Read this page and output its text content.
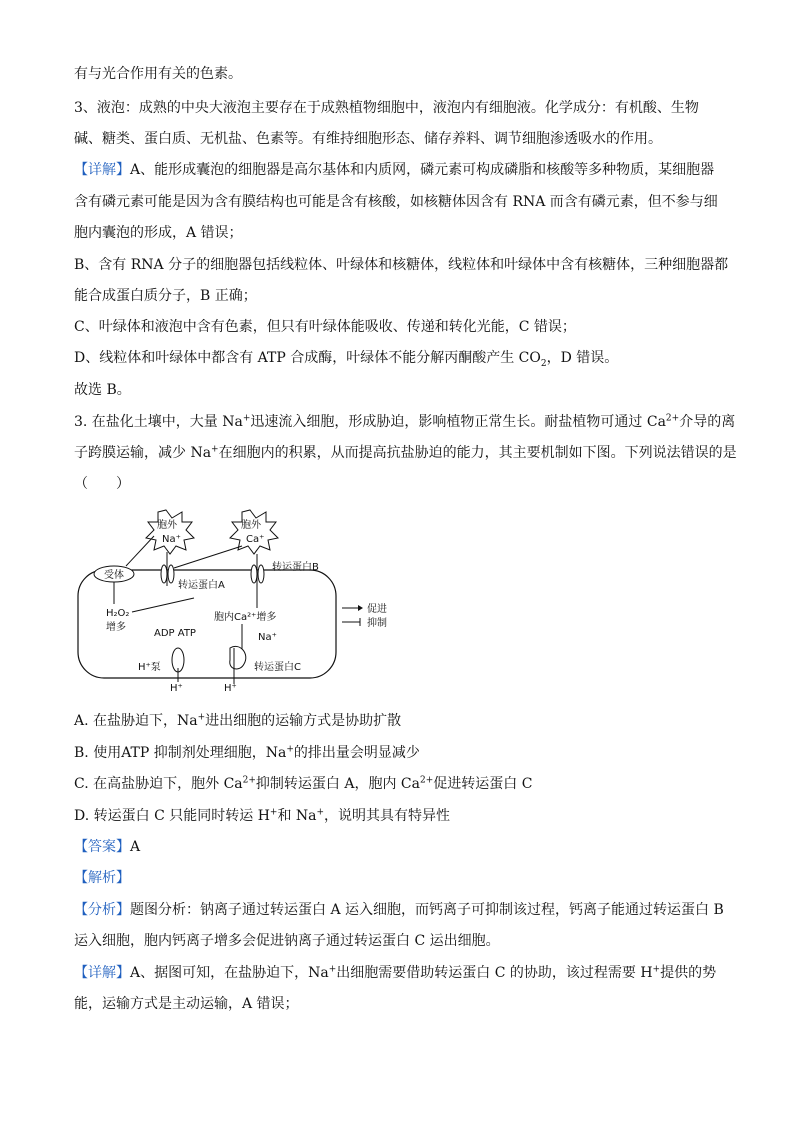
有与光合作用有关的色素。
3、液泡：成熟的中央大液泡主要存在于成熟植物细胞中，液泡内有细胞液。化学成分：有机酸、生物
碱、糖类、蛋白质、无机盐、色素等。有维持细胞形态、储存养料、调节细胞渗透吸水的作用。
【详解】A、能形成囊泡的细胞器是高尔基体和内质网，磷元素可构成磷脂和核酸等多种物质，某细胞器
含有磷元素可能是因为含有膜结构也可能是含有核酸，如核糖体因含有 RNA 而含有磷元素，但不参与细
胞内囊泡的形成，A 错误；
B、含有 RNA 分子的细胞器包括线粒体、叶绿体和核糖体，线粒体和叶绿体中含有核糖体，三种细胞器都
能合成蛋白质分子，B 正确；
C、叶绿体和液泡中含有色素，但只有叶绿体能吸收、传递和转化光能，C 错误；
D、线粒体和叶绿体中都含有 ATP 合成酶，叶绿体不能分解丙酮酸产生 $CO_2$，D 错误。
故选 B。
3. 在盐化土壤中，大量 Na+迅速流入细胞，形成胁迫，影响植物正常生长。耐盐植物可通过 $Ca^{2+}$介导的离
子跨膜运输，减少 Na+在细胞内的积累，从而提高抗盐胁迫的能力，其主要机制如下图。下列说法错误的是
（　　）
胞外
Na⁺
胞外
Ca⁺
受体
转运蛋白A
转运蛋白B
H₂O₂
增多
胞内Ca²⁺增多
Na⁺
ADP ATP
H⁺泵
H⁺	H⁺
转运蛋白C
促进
抑制
A. 在盐胁迫下，Na+进出细胞的运输方式是协助扩散
B. 使用ATP 抑制剂处理细胞，Na+的排出量会明显减少
C. 在高盐胁迫下，胞外 $Ca^{2+}$抑制转运蛋白 A，胞内 $Ca^{2+}$促进转运蛋白 C
D. 转运蛋白 C 只能同时转运 H+和 Na+，说明其具有特异性
【答案】A
【解析】
【分析】题图分析：钠离子通过转运蛋白 A 运入细胞，而钙离子可抑制该过程，钙离子能通过转运蛋白 B
运入细胞，胞内钙离子增多会促进钠离子通过转运蛋白 C 运出细胞。
【详解】A、据图可知，在盐胁迫下，Na+出细胞需要借助转运蛋白 C 的协助，该过程需要 H+提供的势
能，运输方式是主动运输，A 错误；
